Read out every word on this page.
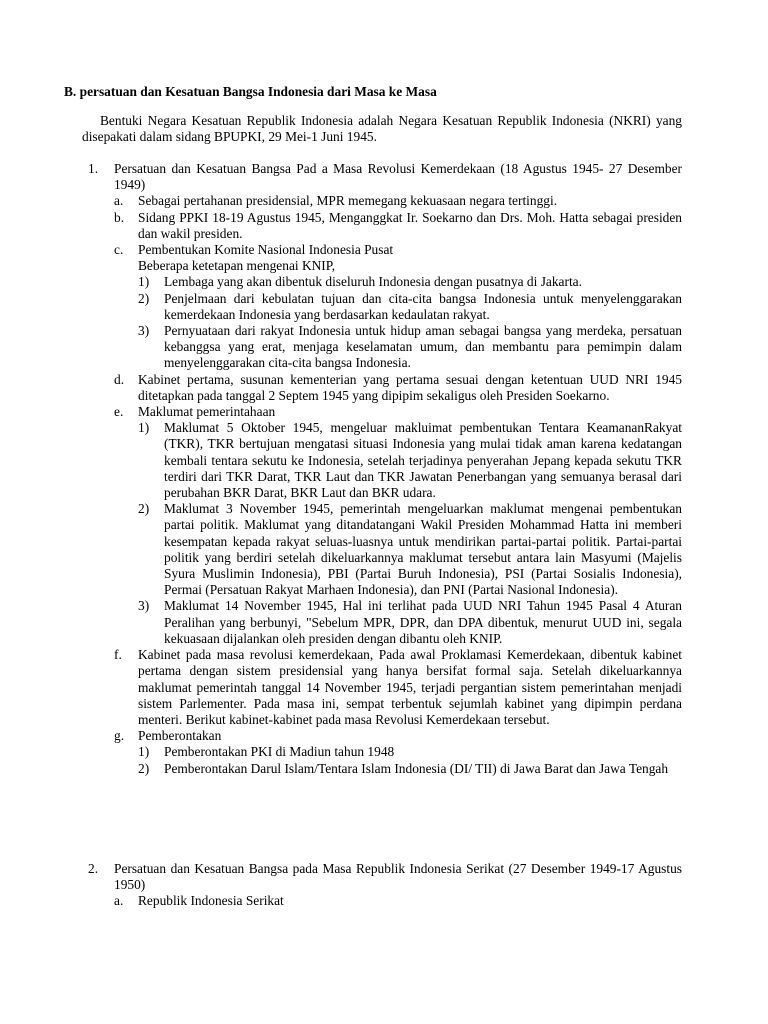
B. persatuan dan Kesatuan Bangsa Indonesia dari Masa ke Masa
Bentuki Negara Kesatuan Republik Indonesia adalah Negara Kesatuan Republik Indonesia (NKRI) yang disepakati dalam sidang BPUPKI, 29 Mei-1 Juni 1945.
1. Persatuan dan Kesatuan Bangsa Pad a Masa Revolusi Kemerdekaan (18 Agustus 1945- 27 Desember 1949)
a. Sebagai pertahanan presidensial, MPR memegang kekuasaan negara tertinggi.
b. Sidang PPKI 18-19 Agustus 1945, Menganggkat Ir. Soekarno dan Drs. Moh. Hatta sebagai presiden dan wakil presiden.
c. Pembentukan Komite Nasional Indonesia Pusat
Beberapa ketetapan mengenai KNIP,
1) Lembaga yang akan dibentuk diseluruh Indonesia dengan pusatnya di Jakarta.
2) Penjelmaan dari kebulatan tujuan dan cita-cita bangsa Indonesia untuk menyelenggarakan kemerdekaan Indonesia yang berdasarkan kedaulatan rakyat.
3) Pernyuataan dari rakyat Indonesia untuk hidup aman sebagai bangsa yang merdeka, persatuan kebanggsa yang erat, menjaga keselamatan umum, dan membantu para pemimpin dalam menyelenggarakan cita-cita bangsa Indonesia.
d. Kabinet pertama, susunan kementerian yang pertama sesuai dengan ketentuan UUD NRI 1945 ditetapkan pada tanggal 2 Septem 1945 yang dipipim sekaligus oleh Presiden Soekarno.
e. Maklumat pemerintahaan
1) Maklumat 5 Oktober 1945, mengeluar makluimat pembentukan Tentara KeamananRakyat (TKR), TKR bertujuan mengatasi situasi Indonesia yang mulai tidak aman karena kedatangan kembali tentara sekutu ke Indonesia, setelah terjadinya penyerahan Jepang kepada sekutu TKR terdiri dari TKR Darat, TKR Laut dan TKR Jawatan Penerbangan yang semuanya berasal dari perubahan BKR Darat, BKR Laut dan BKR udara.
2) Maklumat 3 November 1945, pemerintah mengeluarkan maklumat mengenai pembentukan partai politik. Maklumat yang ditandatangani Wakil Presiden Mohammad Hatta ini memberi kesempatan kepada rakyat seluas-luasnya untuk mendirikan partai-partai politik. Partai-partai politik yang berdiri setelah dikeluarkannya maklumat tersebut antara lain Masyumi (Majelis Syura Muslimin Indonesia), PBI (Partai Buruh Indonesia), PSI (Partai Sosialis Indonesia), Permai (Persatuan Rakyat Marhaen Indonesia), dan PNI (Partai Nasional Indonesia).
3) Maklumat 14 November 1945, Hal ini terlihat pada UUD NRI Tahun 1945 Pasal 4 Aturan Peralihan yang berbunyi, "Sebelum MPR, DPR, dan DPA dibentuk, menurut UUD ini, segala kekuasaan dijalankan oleh presiden dengan dibantu oleh KNIP.
f. Kabinet pada masa revolusi kemerdekaan, Pada awal Proklamasi Kemerdekaan, dibentuk kabinet pertama dengan sistem presidensial yang hanya bersifat formal saja. Setelah dikeluarkannya maklumat pemerintah tanggal 14 November 1945, terjadi pergantian sistem pemerintahan menjadi sistem Parlementer. Pada masa ini, sempat terbentuk sejumlah kabinet yang dipimpin perdana menteri. Berikut kabinet-kabinet pada masa Revolusi Kemerdekaan tersebut.
g. Pemberontakan
1) Pemberontakan PKI di Madiun tahun 1948
2) Pemberontakan Darul Islam/Tentara Islam Indonesia (DI/ TII) di Jawa Barat dan Jawa Tengah
2. Persatuan dan Kesatuan Bangsa pada Masa Republik Indonesia Serikat (27 Desember 1949-17 Agustus 1950)
a. Republik Indonesia Serikat
